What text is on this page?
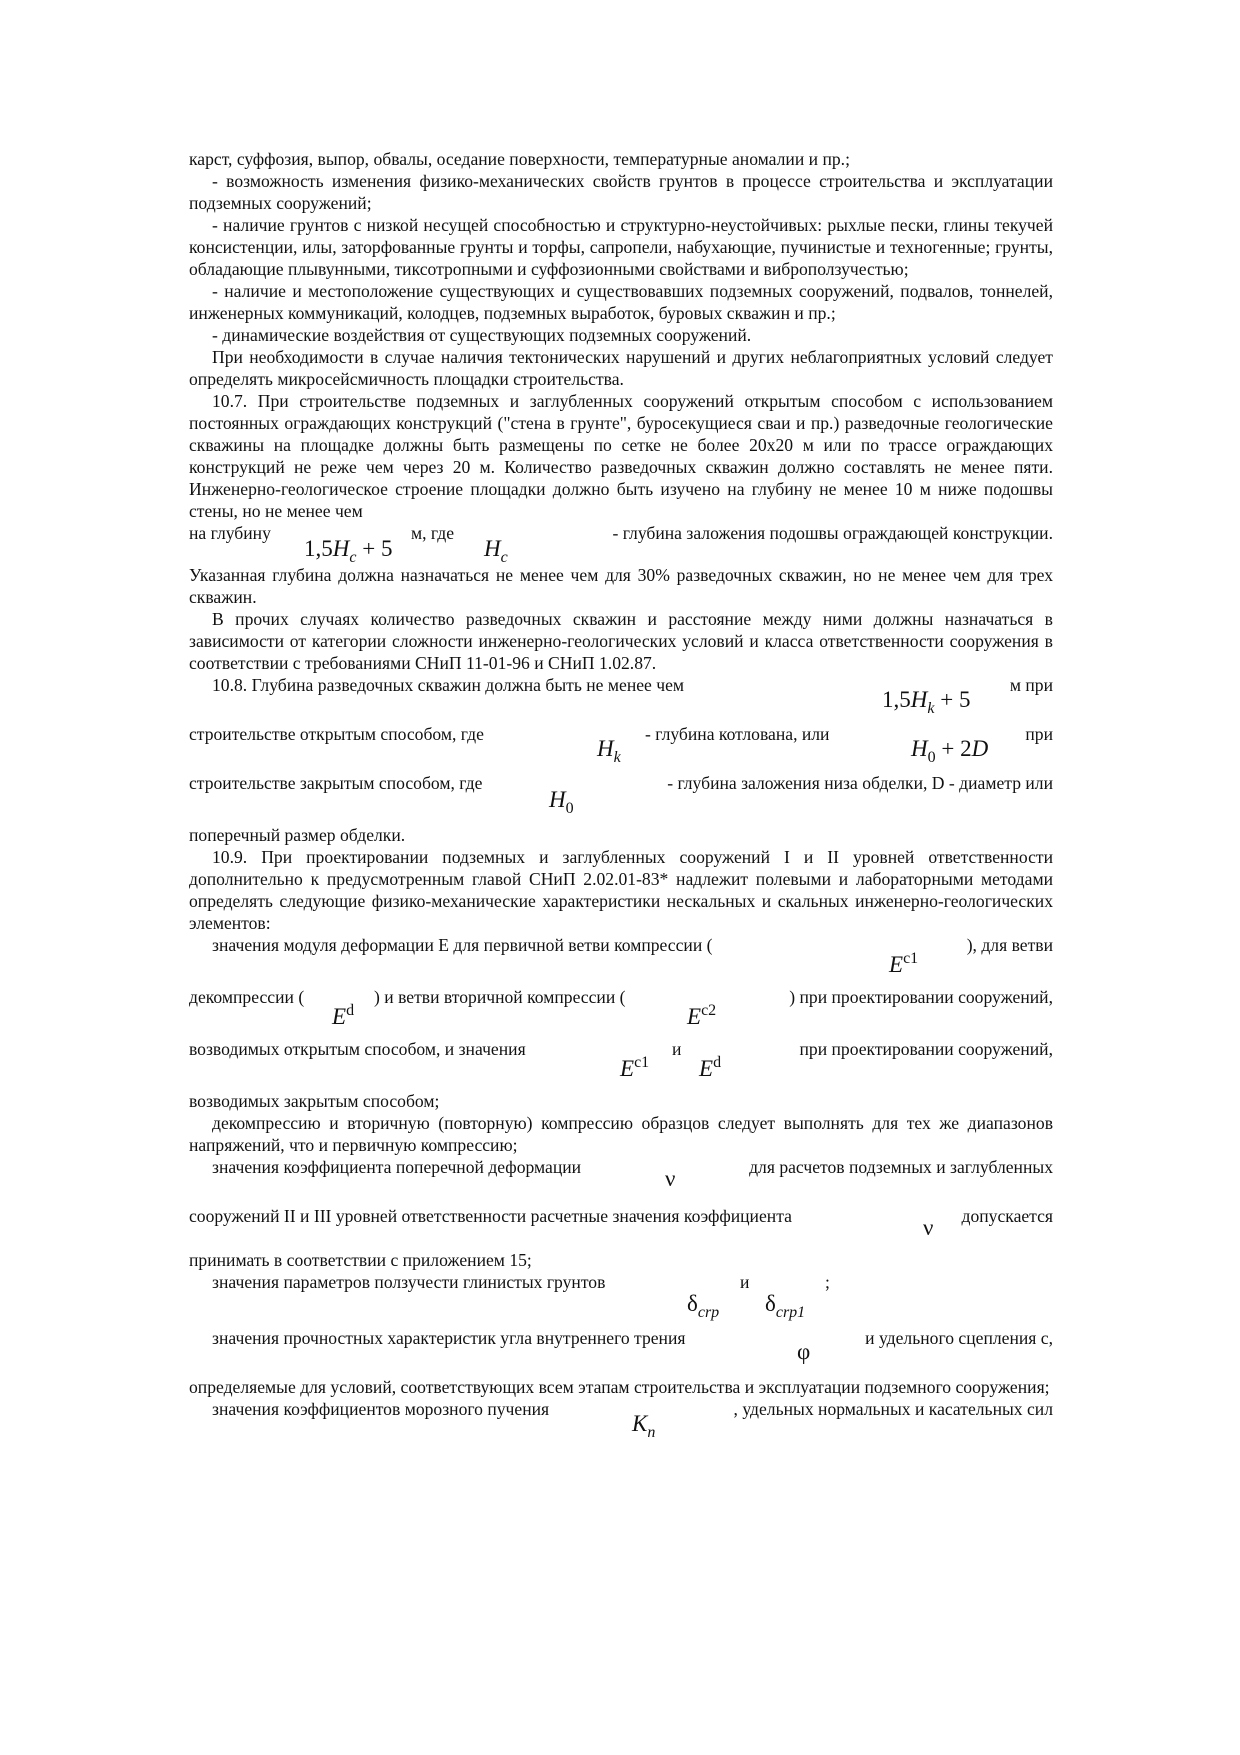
карст, суффозия, выпор, обвалы, оседание поверхности, температурные аномалии и пр.;

- возможность изменения физико-механических свойств грунтов в процессе строительства и эксплуатации подземных сооружений;

- наличие грунтов с низкой несущей способностью и структурно-неустойчивых: рыхлые пески, глины текучей консистенции, илы, заторфованные грунты и торфы, сапропели, набухающие, пучинистые и техногенные; грунты, обладающие плывунными, тиксотропными и суффозионными свойствами и виброползучестью;

- наличие и местоположение существующих и существовавших подземных сооружений, подвалов, тоннелей, инженерных коммуникаций, колодцев, подземных выработок, буровых скважин и пр.;

- динамические воздействия от существующих подземных сооружений.

При необходимости в случае наличия тектонических нарушений и других неблагоприятных условий следует определять микросейсмичность площадки строительства.

10.7. При строительстве подземных и заглубленных сооружений открытым способом с использованием постоянных ограждающих конструкций ("стена в грунте", буросекущиеся сваи и пр.) разведочные геологические скважины на площадке должны быть размещены по сетке не более 20х20 м или по трассе ограждающих конструкций не реже чем через 20 м. Количество разведочных скважин должно составлять не менее пяти. Инженерно-геологическое строение площадки должно быть изучено на глубину не менее 10 м ниже подошвы стены, но не менее чем

на глубину	м, где	- глубина заложения подошвы ограждающей конструкции.
$1,5H_c + 5$	$H_c$

Указанная глубина должна назначаться не менее чем для 30% разведочных скважин, но не менее чем для трех скважин.

В прочих случаях количество разведочных скважин и расстояние между ними должны назначаться в зависимости от категории сложности инженерно-геологических условий и класса ответственности сооружения в соответствии с требованиями СНиП 11-01-96 и СНиП 1.02.87.

10.8. Глубина разведочных скважин должна быть не менее чем	м при
$1,5H_k + 5$

строительстве открытым способом, где	- глубина котлована, или	при
$H_k$	$H_0 + 2D$

строительстве закрытым способом, где	- глубина заложения низа обделки, D - диаметр или
$H_0$

поперечный размер обделки.

10.9. При проектировании подземных и заглубленных сооружений I и II уровней ответственности дополнительно к предусмотренным главой СНиП 2.02.01-83* надлежит полевыми и лабораторными методами определять следующие физико-механические характеристики нескальных и скальных инженерно-геологических элементов:

значения модуля деформации Е для первичной ветви компрессии (	), для ветви
$E^{c1}$

декомпрессии (	) и ветви вторичной компрессии (	) при проектировании сооружений,
$E^d$	$E^{c2}$

возводимых открытым способом, и значения	и	при проектировании сооружений,
$E^{c1}$ $E^d$

возводимых закрытым способом;

декомпрессию и вторичную (повторную) компрессию образцов следует выполнять для тех же диапазонов напряжений, что и первичную компрессию;

значения коэффициента поперечной деформации	для расчетов подземных и заглубленных
ν

сооружений II и III уровней ответственности расчетные значения коэффициента	допускается
ν

принимать в соответствии с приложением 15;

значения параметров ползучести глинистых грунтов	и	;
$\delta_{crp}$ $\delta_{crp1}$

значения прочностных характеристик угла внутреннего трения	и удельного сцепления с,
φ

определяемые для условий, соответствующих всем этапам строительства и эксплуатации подземного сооружения;

значения коэффициентов морозного пучения	, удельных нормальных и касательных сил
$K_n$
